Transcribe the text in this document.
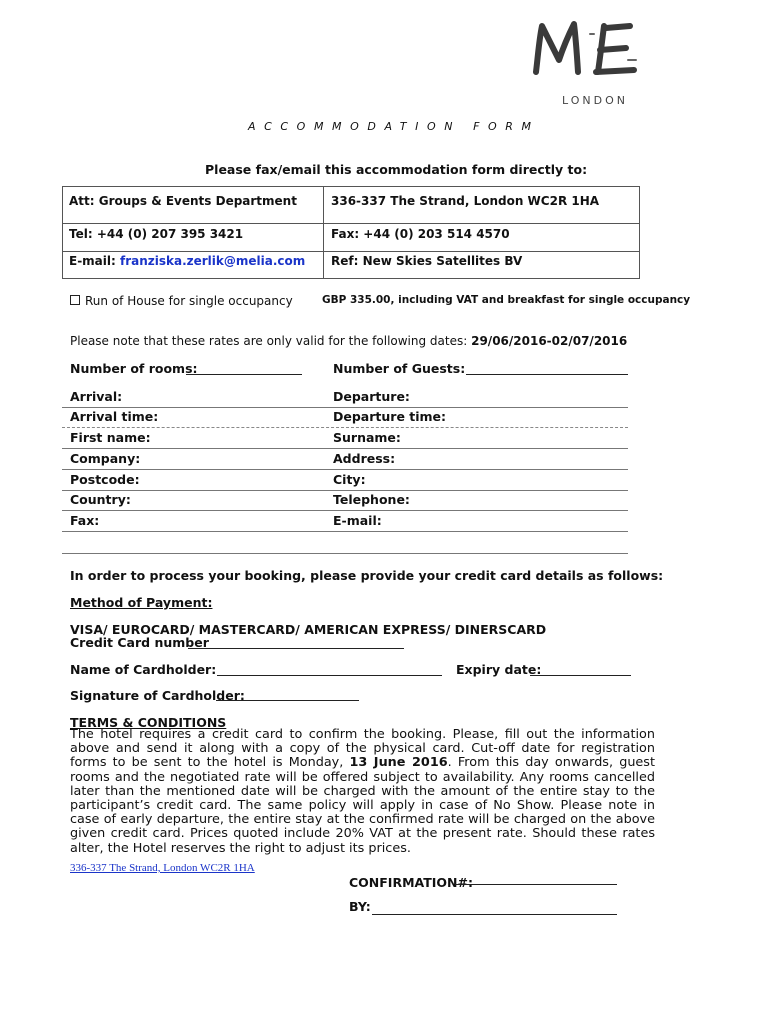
LONDON
ACCOMMODATION FORM
Please fax/email this accommodation form directly to:
Att: Groups & Events Department	336-337 The Strand, London WC2R 1HA
Tel: +44 (0) 207 395 3421	Fax: +44 (0) 203 514 4570
E-mail: franziska.zerlik@melia.com Ref: New Skies Satellites BV
Run of House for single occupancy	GBP 335.00, including VAT and breakfast for single occupancy
Please note that these rates are only valid for the following dates: 29/06/2016-02/07/2016
Number of rooms:	Number of Guests:
Arrival:	Departure:
Arrival time:	Departure time:
First name:	Surname:
Company:	Address:
Postcode:	City:
Country:	Telephone:
Fax:	E-mail:
In order to process your booking, please provide your credit card details as follows:
Method of Payment:
VISA/ EUROCARD/ MASTERCARD/ AMERICAN EXPRESS/ DINERSCARD
Credit Card number
Name of Cardholder:	Expiry date:
Signature of Cardholder:
TERMS & CONDITIONS
The hotel requires a credit card to confirm the booking. Please, fill out the information above and send it along with a copy of the physical card. Cut-off date for registration forms to be sent to the hotel is Monday, 13 June 2016. From this day onwards, guest rooms and the negotiated rate will be offered subject to availability. Any rooms cancelled later than the mentioned date will be charged with the amount of the entire stay to the participant’s credit card. The same policy will apply in case of No Show. Please note in case of early departure, the entire stay at the confirmed rate will be charged on the above given credit card. Prices quoted include 20% VAT at the present rate. Should these rates alter, the Hotel reserves the right to adjust its prices.
336-337 The Strand, London WC2R 1HA
CONFIRMATION#:
BY:
